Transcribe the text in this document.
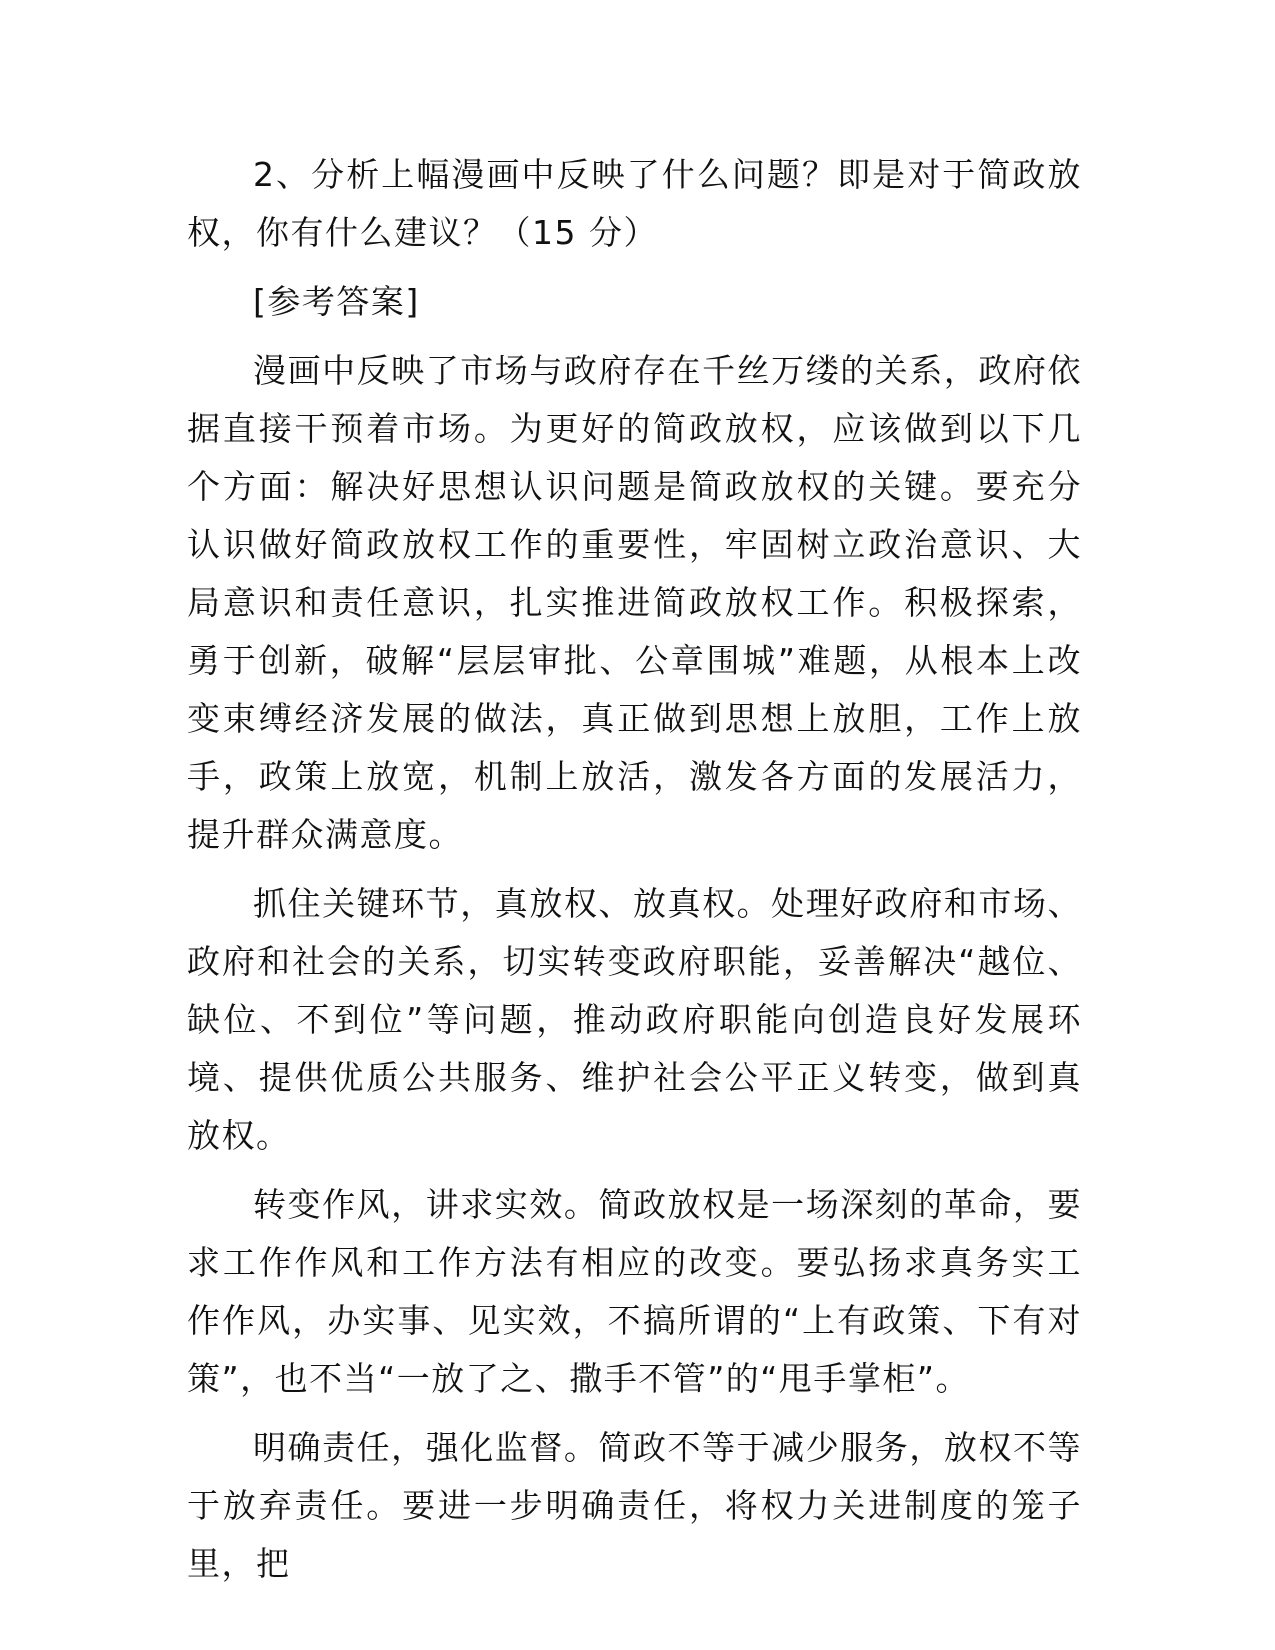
2、分析上幅漫画中反映了什么问题？即是对于简政放权，你有什么建议？（15 分）

[参考答案]

漫画中反映了市场与政府存在千丝万缕的关系，政府依据直接干预着市场。为更好的简政放权，应该做到以下几个方面：解决好思想认识问题是简政放权的关键。要充分认识做好简政放权工作的重要性，牢固树立政治意识、大局意识和责任意识，扎实推进简政放权工作。积极探索，勇于创新，破解“层层审批、公章围城”难题，从根本上改变束缚经济发展的做法，真正做到思想上放胆，工作上放手，政策上放宽，机制上放活，激发各方面的发展活力，提升群众满意度。

抓住关键环节，真放权、放真权。处理好政府和市场、政府和社会的关系，切实转变政府职能，妥善解决“越位、缺位、不到位”等问题，推动政府职能向创造良好发展环境、提供优质公共服务、维护社会公平正义转变，做到真放权。

转变作风，讲求实效。简政放权是一场深刻的革命，要求工作作风和工作方法有相应的改变。要弘扬求真务实工作作风，办实事、见实效，不搞所谓的“上有政策、下有对策”，也不当“一放了之、撒手不管”的“甩手掌柜”。

明确责任，强化监督。简政不等于减少服务，放权不等于放弃责任。要进一步明确责任，将权力关进制度的笼子里，把
